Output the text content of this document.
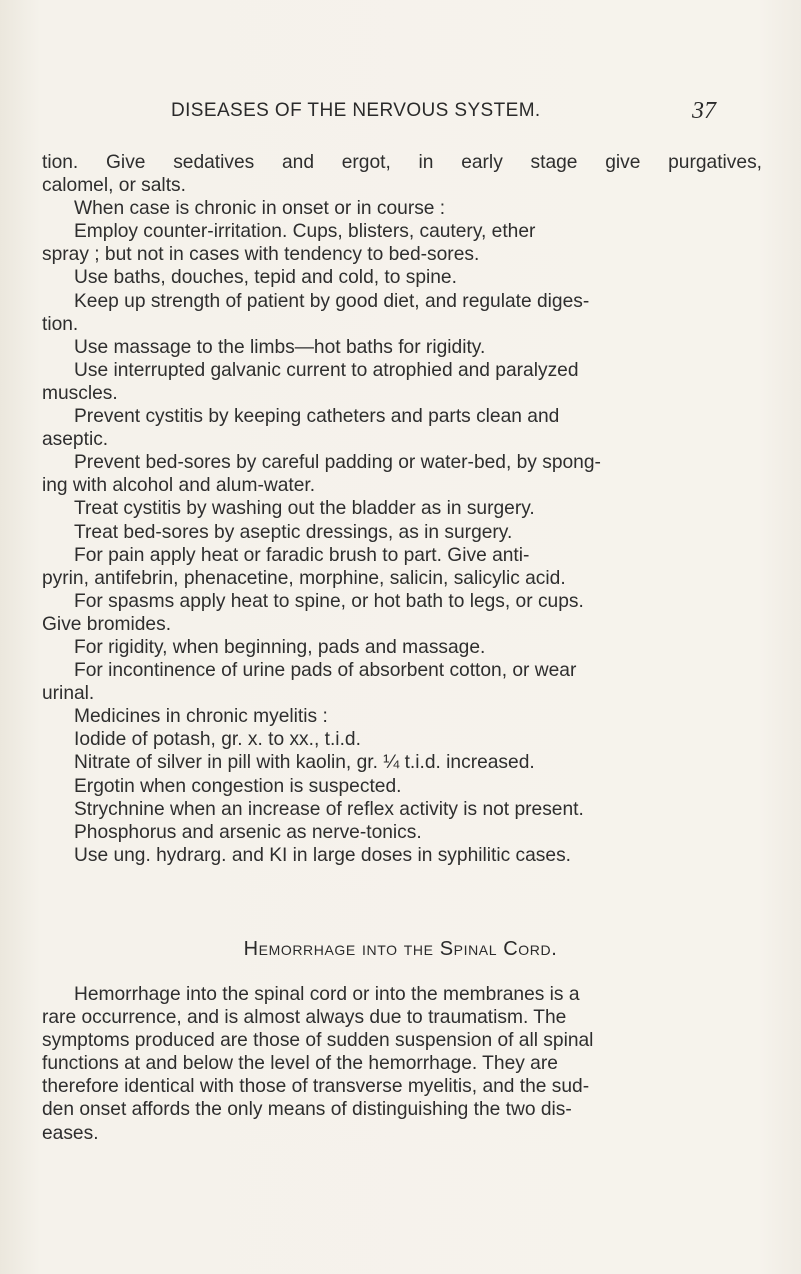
DISEASES OF THE NERVOUS SYSTEM.	37
tion. Give sedatives and ergot, in early stage give purgatives,
calomel, or salts.
When case is chronic in onset or in course :
Employ counter-irritation. Cups, blisters, cautery, ether
spray ; but not in cases with tendency to bed-sores.
Use baths, douches, tepid and cold, to spine.
Keep up strength of patient by good diet, and regulate diges-
tion.
Use massage to the limbs—hot baths for rigidity.
Use interrupted galvanic current to atrophied and paralyzed
muscles.
Prevent cystitis by keeping catheters and parts clean and
aseptic.
Prevent bed-sores by careful padding or water-bed, by spong-
ing with alcohol and alum-water.
Treat cystitis by washing out the bladder as in surgery.
Treat bed-sores by aseptic dressings, as in surgery.
For pain apply heat or faradic brush to part. Give anti-
pyrin, antifebrin, phenacetine, morphine, salicin, salicylic acid.
For spasms apply heat to spine, or hot bath to legs, or cups.
Give bromides.
For rigidity, when beginning, pads and massage.
For incontinence of urine pads of absorbent cotton, or wear
urinal.
Medicines in chronic myelitis :
Iodide of potash, gr. x. to xx., t.i.d.
Nitrate of silver in pill with kaolin, gr. ¼ t.i.d. increased.
Ergotin when congestion is suspected.
Strychnine when an increase of reflex activity is not present.
Phosphorus and arsenic as nerve-tonics.
Use ung. hydrarg. and KI in large doses in syphilitic cases.
Hemorrhage into the Spinal Cord.
Hemorrhage into the spinal cord or into the membranes is a
rare occurrence, and is almost always due to traumatism. The
symptoms produced are those of sudden suspension of all spinal
functions at and below the level of the hemorrhage. They are
therefore identical with those of transverse myelitis, and the sud-
den onset affords the only means of distinguishing the two dis-
eases.
